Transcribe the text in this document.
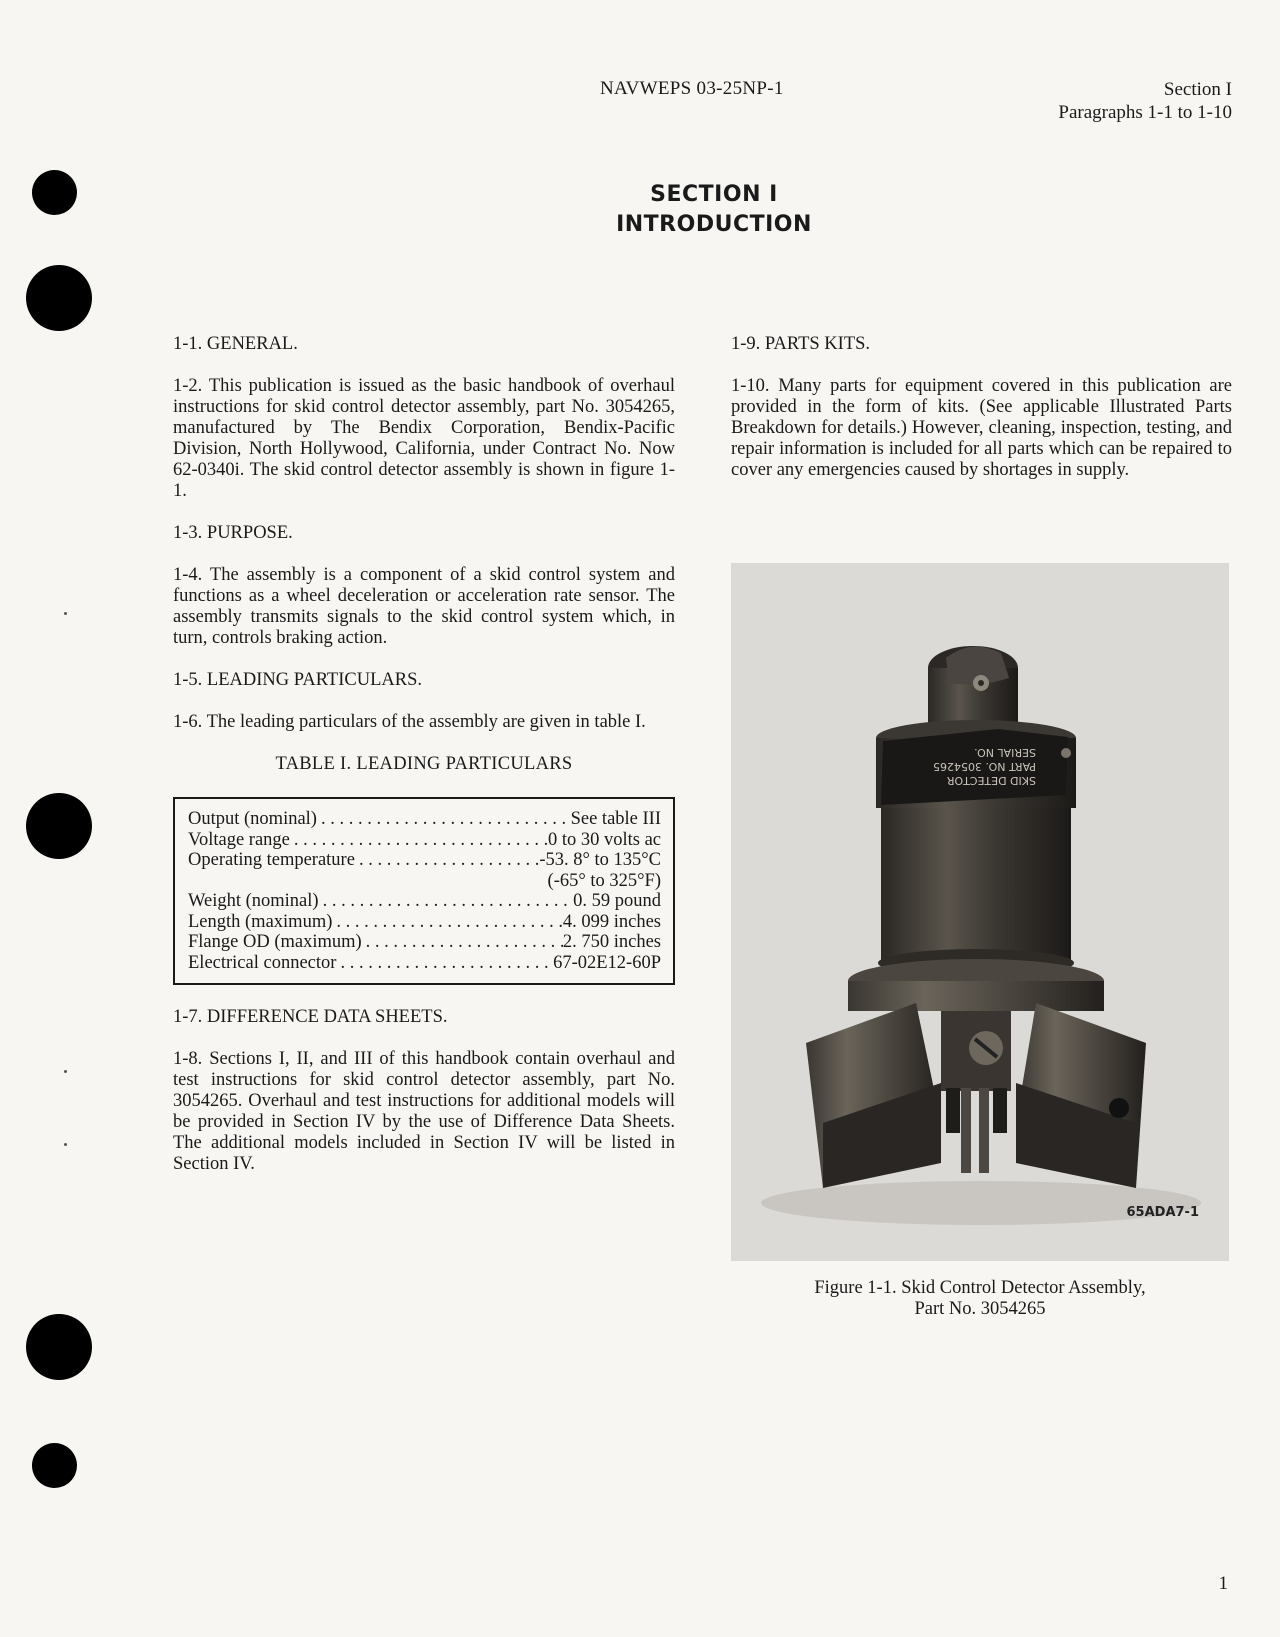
NAVWEPS 03-25NP-1	Section I
Paragraphs 1-1 to 1-10
SECTION I
INTRODUCTION
1-1. GENERAL.
1-2. This publication is issued as the basic handbook of overhaul instructions for skid control detector assembly, part No. 3054265, manufactured by The Bendix Corporation, Bendix-Pacific Division, North Hollywood, California, under Contract No. Now 62-0340i. The skid control detector assembly is shown in figure 1-1.
1-3. PURPOSE.
1-4. The assembly is a component of a skid control system and functions as a wheel deceleration or acceleration rate sensor. The assembly transmits signals to the skid control system which, in turn, controls braking action.
1-5. LEADING PARTICULARS.
1-6. The leading particulars of the assembly are given in table I.
TABLE I. LEADING PARTICULARS
Output (nominal) . . .	See table III
Voltage range . . .	0 to 30 volts ac
Operating temperature . . .	-53. 8° to 135°C
(-65° to 325°F)
Weight (nominal) . . .	0. 59 pound
Length (maximum) . . .	4. 099 inches
Flange OD (maximum) . . .	2. 750 inches
Electrical connector . . .	67-02E12-60P
1-7. DIFFERENCE DATA SHEETS.
1-8. Sections I, II, and III of this handbook contain overhaul and test instructions for skid control detector assembly, part No. 3054265. Overhaul and test instructions for additional models will be provided in Section IV by the use of Difference Data Sheets. The additional models included in Section IV will be listed in Section IV.
1-9. PARTS KITS.
1-10. Many parts for equipment covered in this publication are provided in the form of kits. (See applicable Illustrated Parts Breakdown for details.) However, cleaning, inspection, testing, and repair information is included for all parts which can be repaired to cover any emergencies caused by shortages in supply.
SKID DETECTOR
PART NO. 3054265
SERIAL NO.
65ADA7-1
Figure 1-1. Skid Control Detector Assembly,
Part No. 3054265
1
